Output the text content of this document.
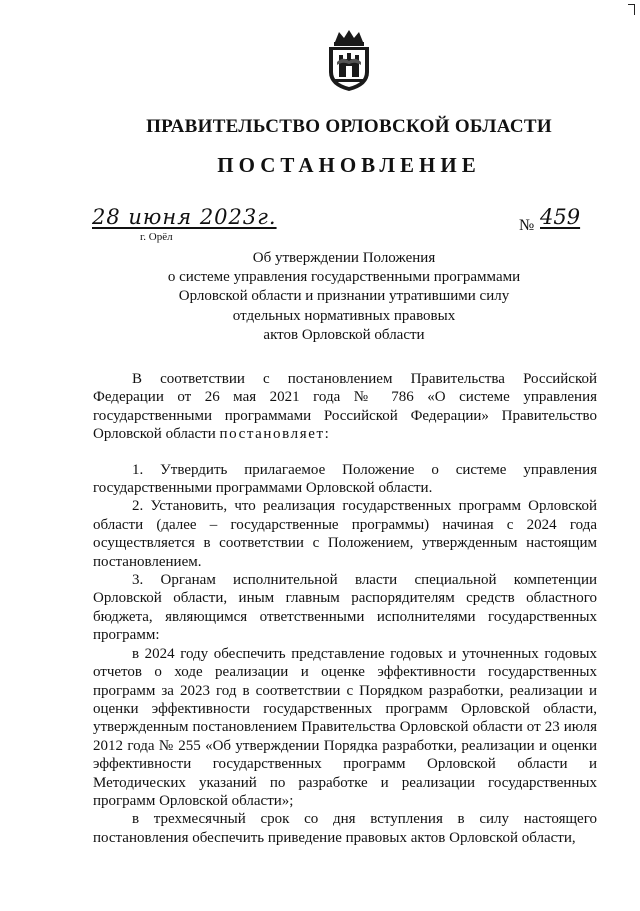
ПРАВИТЕЛЬСТВО ОРЛОВСКОЙ ОБЛАСТИ
ПОСТАНОВЛЕНИЕ
28 июня 2023г.
г. Орёл
№ 459
Об утверждении Положения
о системе управления государственными программами
Орловской области и признании утратившими силу
отдельных нормативных правовых
актов Орловской области

В соответствии с постановлением Правительства Российской Федерации от 26 мая 2021 года № 786 «О системе управления государственными программами Российской Федерации» Правительство Орловской области постановляет:

1. Утвердить прилагаемое Положение о системе управления государственными программами Орловской области.

2. Установить, что реализация государственных программ Орловской области (далее – государственные программы) начиная с 2024 года осуществляется в соответствии с Положением, утвержденным настоящим постановлением.

3. Органам исполнительной власти специальной компетенции Орловской области, иным главным распорядителям средств областного бюджета, являющимся ответственными исполнителями государственных программ:

в 2024 году обеспечить представление годовых и уточненных годовых отчетов о ходе реализации и оценке эффективности государственных программ за 2023 год в соответствии с Порядком разработки, реализации и оценки эффективности государственных программ Орловской области, утвержденным постановлением Правительства Орловской области от 23 июля 2012 года № 255 «Об утверждении Порядка разработки, реализации и оценки эффективности государственных программ Орловской области и Методических указаний по разработке и реализации государственных программ Орловской области»;

в трехмесячный срок со дня вступления в силу настоящего постановления обеспечить приведение правовых актов Орловской области,
